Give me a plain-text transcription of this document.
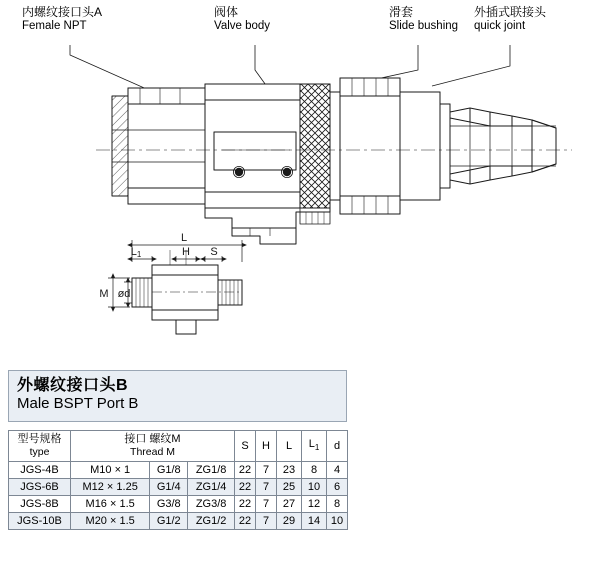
内螺纹接口头A
Female NPT
阀体
Valve body
滑套
Slide bushing
外插式联接头
quick joint
L
L1	H S
M ød
外螺纹接口头B
Male BSPT Port B
型号规格
type

接口 螺纹M
Thread M
	S	H	L	$L_1$	d
JGS-4B	M10 × 1	G1/8	ZG1/8	22	7	23	8	4
JGS-6B	M12 × 1.25	G1/4	ZG1/4	22	7	25	10	6
JGS-8B	M16 × 1.5	G3/8	ZG3/8	22	7	27	12	8
JGS-10B	M20 × 1.5	G1/2	ZG1/2	22	7	29	14	10
